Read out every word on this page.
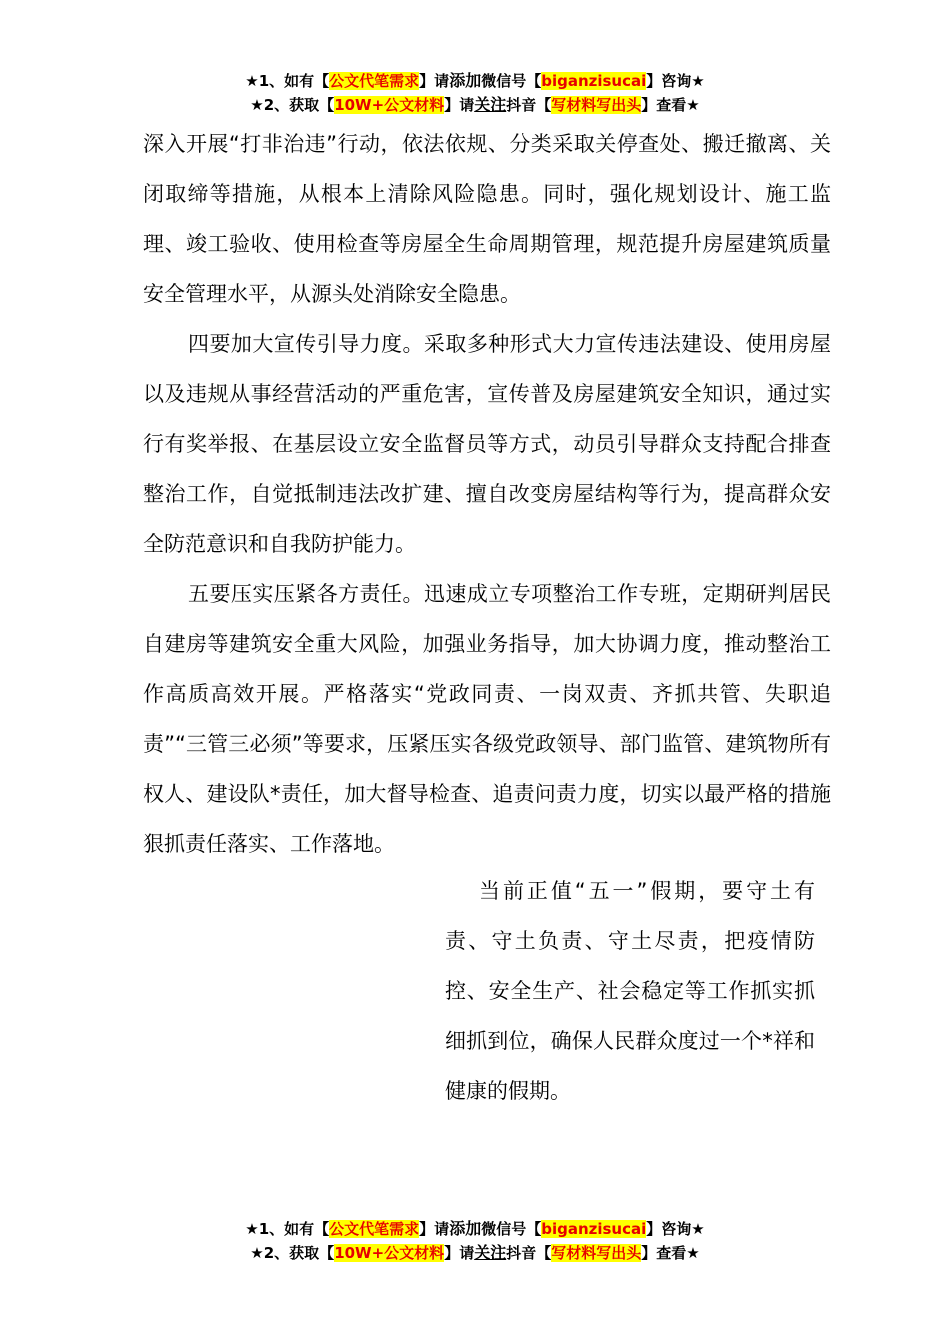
★1、如有【公文代笔需求】请添加微信号【biganzisucai】咨询★
★2、获取【10W+公文材料】请关注抖音【写材料写出头】查看★

深入开展“打非治违”行动，依法依规、分类采取关停查处、搬迁撤离、关闭取缔等措施，从根本上清除风险隐患。同时，强化规划设计、施工监理、竣工验收、使用检查等房屋全生命周期管理，规范提升房屋建筑质量安全管理水平，从源头处消除安全隐患。

四要加大宣传引导力度。采取多种形式大力宣传违法建设、使用房屋以及违规从事经营活动的严重危害，宣传普及房屋建筑安全知识，通过实行有奖举报、在基层设立安全监督员等方式，动员引导群众支持配合排查整治工作，自觉抵制违法改扩建、擅自改变房屋结构等行为，提高群众安全防范意识和自我防护能力。

五要压实压紧各方责任。迅速成立专项整治工作专班，定期研判居民自建房等建筑安全重大风险，加强业务指导，加大协调力度，推动整治工作高质高效开展。严格落实“党政同责、一岗双责、齐抓共管、失职追责”“三管三必须”等要求，压紧压实各级党政领导、部门监管、建筑物所有权人、建设队*责任，加大督导检查、追责问责力度，切实以最严格的措施狠抓责任落实、工作落地。

当前正值“五一”假期，要守土有责、守土负责、守土尽责，把疫情防控、安全生产、社会稳定等工作抓实抓细抓到位，确保人民群众度过一个*祥和健康的假期。

★1、如有【公文代笔需求】请添加微信号【biganzisucai】咨询★
★2、获取【10W+公文材料】请关注抖音【写材料写出头】查看★
